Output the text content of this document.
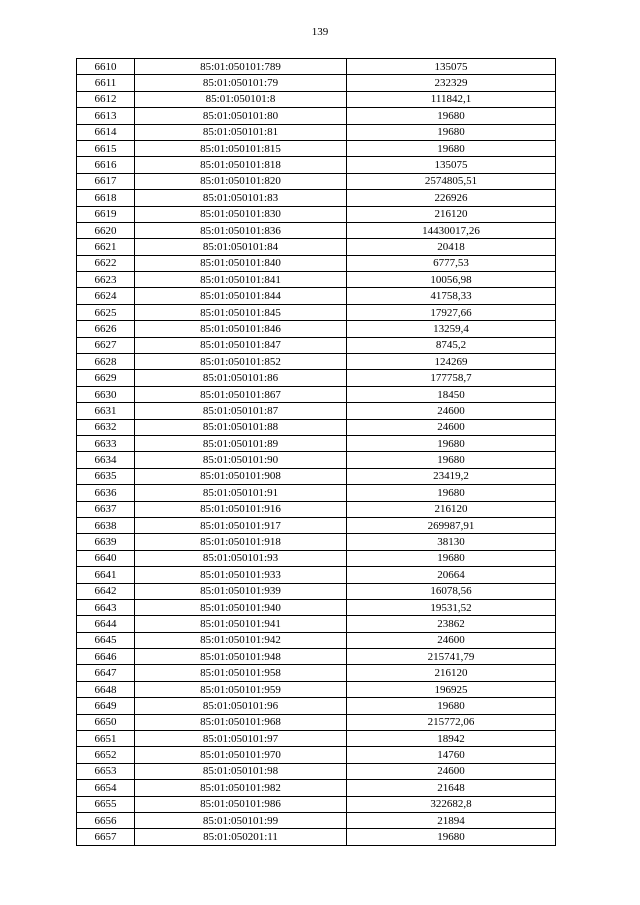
139
6610	85:01:050101:789	135075
6611	85:01:050101:79	232329
6612	85:01:050101:8	111842,1
6613	85:01:050101:80	19680
6614	85:01:050101:81	19680
6615	85:01:050101:815	19680
6616	85:01:050101:818	135075
6617	85:01:050101:820	2574805,51
6618	85:01:050101:83	226926
6619	85:01:050101:830	216120
6620	85:01:050101:836	14430017,26
6621	85:01:050101:84	20418
6622	85:01:050101:840	6777,53
6623	85:01:050101:841	10056,98
6624	85:01:050101:844	41758,33
6625	85:01:050101:845	17927,66
6626	85:01:050101:846	13259,4
6627	85:01:050101:847	8745,2
6628	85:01:050101:852	124269
6629	85:01:050101:86	177758,7
6630	85:01:050101:867	18450
6631	85:01:050101:87	24600
6632	85:01:050101:88	24600
6633	85:01:050101:89	19680
6634	85:01:050101:90	19680
6635	85:01:050101:908	23419,2
6636	85:01:050101:91	19680
6637	85:01:050101:916	216120
6638	85:01:050101:917	269987,91
6639	85:01:050101:918	38130
6640	85:01:050101:93	19680
6641	85:01:050101:933	20664
6642	85:01:050101:939	16078,56
6643	85:01:050101:940	19531,52
6644	85:01:050101:941	23862
6645	85:01:050101:942	24600
6646	85:01:050101:948	215741,79
6647	85:01:050101:958	216120
6648	85:01:050101:959	196925
6649	85:01:050101:96	19680
6650	85:01:050101:968	215772,06
6651	85:01:050101:97	18942
6652	85:01:050101:970	14760
6653	85:01:050101:98	24600
6654	85:01:050101:982	21648
6655	85:01:050101:986	322682,8
6656	85:01:050101:99	21894
6657	85:01:050201:11	19680
